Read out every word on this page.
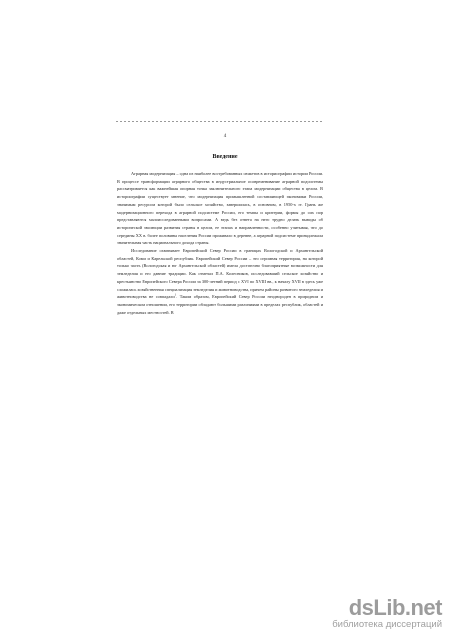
4
Введение

Аграрная модернизация – одна из наиболее востребованных сюжетов в историографии истории России. В процессе трансформации аграрного общества в индустриальное осовременивание аграрной подсистемы рассматривается как важнейшая опорная точка заключительного этапа модернизации общества в целом. В историографии существует мнение, что модернизация промышленной составляющей экономики России, значимым ресурсом которой было сельское хозяйство, завершилась, в основном, в 1950-х гг. Грань же модернизационного перехода в аграрной подсистеме России, его темпы и критерии, формы до сих пор представляются малоисследованными вопросами. А ведь без ответа на него трудно делать выводы об исторической эволюции развития страны в целом, ее этапах и направленности, особенно учитывая, что до середины XX в. более половины населения России проживало в деревне, а аграрной подсистеме принадлежала значительная часть национального дохода страны.

Исследование охватывает Европейский Север России в границах Вологодской и Архангельской областей, Коми и Карельской республик. Европейский Север России – это огромная территория, на которой только часть (Вологодская и юг Архангельской областей) имела достаточно благоприятные возможности для земледелия и его давние традиции. Как отмечал П.А. Колесников, исследовавший сельское хозяйство и крестьянство Европейского Севера России за 300-летний период с XVI по XVIII вв., к началу XVII в здесь уже сложилась хозяйственная специализация земледелия и животноводства, причем районы развитого земледелия и животноводства не совпадали$^1$. Таким образом, Европейский Север России неоднороден в природном и экономическом отношении, его территории обладают большими различиями в пределах республик, областей и даже отдельных местностей. В

dsLib.net
библиотека диссертаций
